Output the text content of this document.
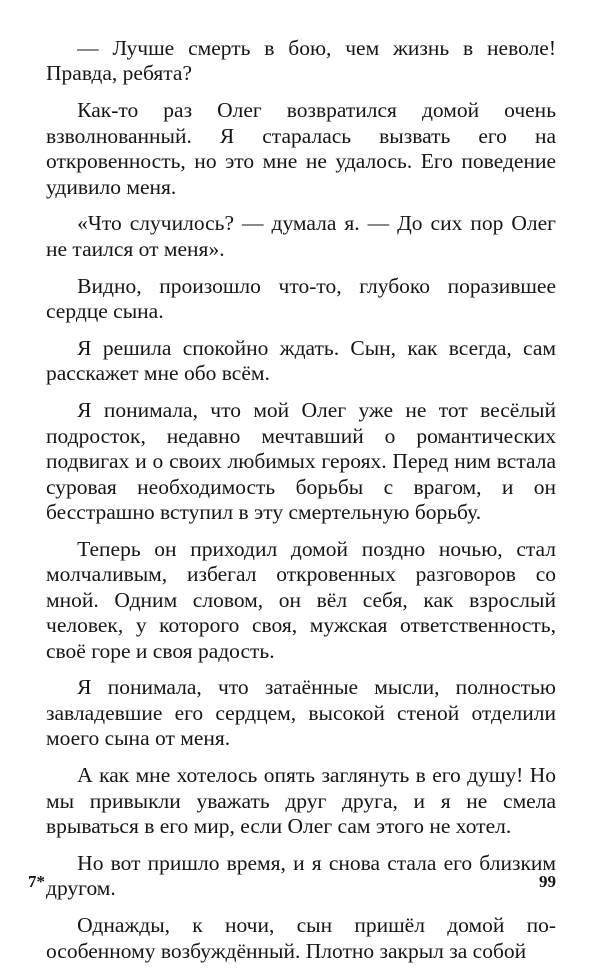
— Лучше смерть в бою, чем жизнь в неволе! Правда, ребята?

Как-то раз Олег возвратился домой очень взволнованный. Я старалась вызвать его на откровенность, но это мне не удалось. Его поведение удивило меня.

«Что случилось? — думала я. — До сих пор Олег не таился от меня».

Видно, произошло что-то, глубоко поразившее сердце сына.

Я решила спокойно ждать. Сын, как всегда, сам расскажет мне обо всём.

Я понимала, что мой Олег уже не тот весёлый подросток, недавно мечтавший о романтических подвигах и о своих любимых героях. Перед ним встала суровая необходимость борьбы с врагом, и он бесстрашно вступил в эту смертельную борьбу.

Теперь он приходил домой поздно ночью, стал молчаливым, избегал откровенных разговоров со мной. Одним словом, он вёл себя, как взрослый человек, у которого своя, мужская ответственность, своё горе и своя радость.

Я понимала, что затаённые мысли, полностью завладевшие его сердцем, высокой стеной отделили моего сына от меня.

А как мне хотелось опять заглянуть в его душу! Но мы привыкли уважать друг друга, и я не смела врываться в его мир, если Олег сам этого не хотел.

Но вот пришло время, и я снова стала его близким другом.

Однажды, к ночи, сын пришёл домой по-особенному возбуждённый. Плотно закрыл за собой

7*	99
